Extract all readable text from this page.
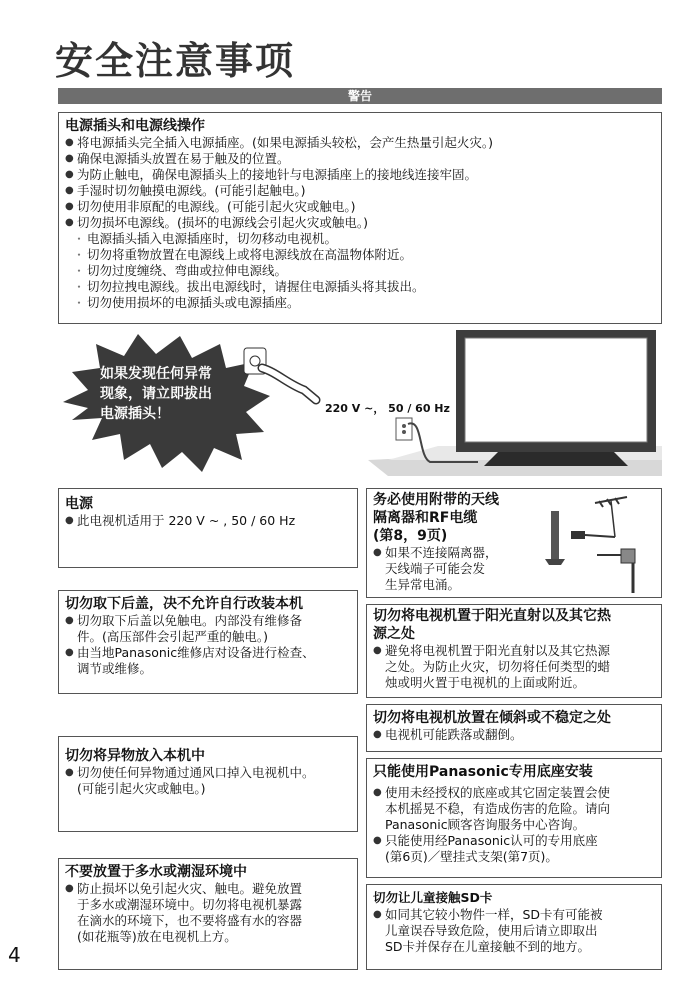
安全注意事项
警告
电源插头和电源线操作
● 将电源插头完全插入电源插座。(如果电源插头较松，会产生热量引起火灾。)
● 确保电源插头放置在易于触及的位置。
● 为防止触电，确保电源插头上的接地针与电源插座上的接地线连接牢固。
● 手湿时切勿触摸电源线。(可能引起触电。)
● 切勿使用非原配的电源线。(可能引起火灾或触电。)
● 切勿损坏电源线。(损坏的电源线会引起火灾或触电。)
・ 电源插头插入电源插座时，切勿移动电视机。
・ 切勿将重物放置在电源线上或将电源线放在高温物体附近。
・ 切勿过度缠绕、弯曲或拉伸电源线。
・ 切勿拉拽电源线。拔出电源线时，请握住电源插头将其拔出。
・ 切勿使用损坏的电源插头或电源插座。
如果发现任何异常
现象，请立即拔出
电源插头！	220 V ~， 50 / 60 Hz
电源
● 此电视机适用于 220 V ~ , 50 / 60 Hz
务必使用附带的天线
隔离器和RF电缆
(第8，9页)
● 如果不连接隔离器，
天线端子可能会发
生异常电涌。
切勿取下后盖，决不允许自行改装本机
● 切勿取下后盖以免触电。内部没有维修备
件。(高压部件会引起严重的触电。)
● 由当地Panasonic维修店对设备进行检查、
调节或维修。
切勿将电视机置于阳光直射以及其它热
源之处
● 避免将电视机置于阳光直射以及其它热源
之处。为防止火灾，切勿将任何类型的蜡
烛或明火置于电视机的上面或附近。
切勿将电视机放置在倾斜或不稳定之处
● 电视机可能跌落或翻倒。
切勿将异物放入本机中
● 切勿使任何异物通过通风口掉入电视机中。
(可能引起火灾或触电。)
只能使用Panasonic专用底座安装
● 使用未经授权的底座或其它固定装置会使
本机摇晃不稳，有造成伤害的危险。请向
Panasonic顾客咨询服务中心咨询。
● 只能使用经Panasonic认可的专用底座
(第6页)／壁挂式支架(第7页)。
不要放置于多水或潮湿环境中
● 防止损坏以免引起火灾、触电。避免放置
于多水或潮湿环境中。切勿将电视机暴露
在滴水的环境下，也不要将盛有水的容器
(如花瓶等)放在电视机上方。
切勿让儿童接触SD卡
● 如同其它较小物件一样，SD卡有可能被
儿童误吞导致危险，使用后请立即取出
SD卡并保存在儿童接触不到的地方。
4
